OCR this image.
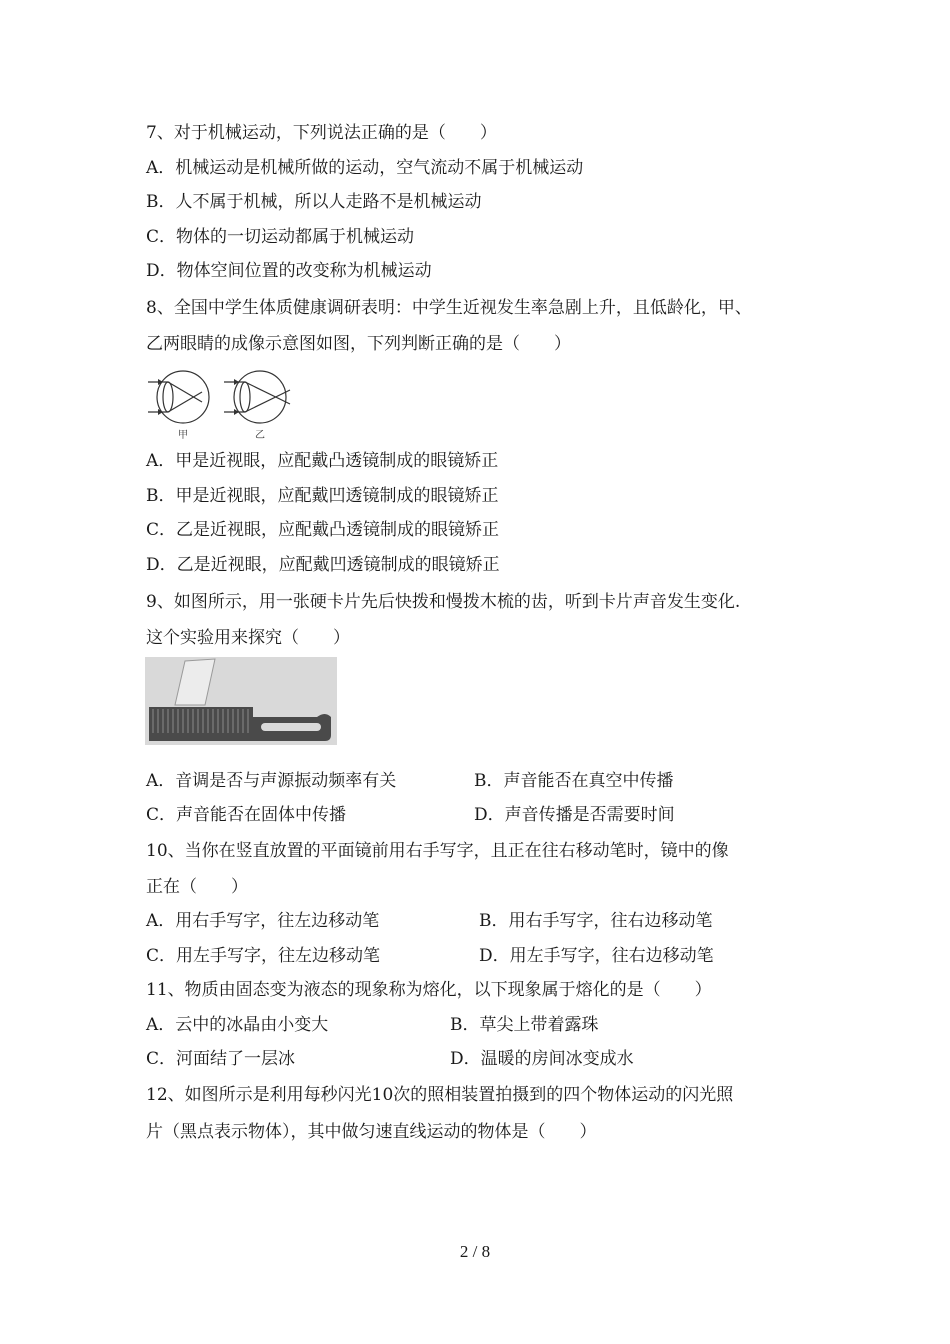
7、对于机械运动，下列说法正确的是（　　）
A．机械运动是机械所做的运动，空气流动不属于机械运动
B．人不属于机械，所以人走路不是机械运动
C．物体的一切运动都属于机械运动
D．物体空间位置的改变称为机械运动
8、全国中学生体质健康调研表明：中学生近视发生率急剧上升，且低龄化，甲、
乙两眼睛的成像示意图如图，下列判断正确的是（　　）
甲	乙
A．甲是近视眼，应配戴凸透镜制成的眼镜矫正
B．甲是近视眼，应配戴凹透镜制成的眼镜矫正
C．乙是近视眼，应配戴凸透镜制成的眼镜矫正
D．乙是近视眼，应配戴凹透镜制成的眼镜矫正
9、如图所示，用一张硬卡片先后快拨和慢拨木梳的齿，听到卡片声音发生变化.
这个实验用来探究（　　）
A．音调是否与声源振动频率有关	B．声音能否在真空中传播
C．声音能否在固体中传播	D．声音传播是否需要时间
10、当你在竖直放置的平面镜前用右手写字，且正在往右移动笔时，镜中的像
正在（　　）
A．用右手写字，往左边移动笔	B．用右手写字，往右边移动笔
C．用左手写字，往左边移动笔	D．用左手写字，往右边移动笔
11、物质由固态变为液态的现象称为熔化，以下现象属于熔化的是（　　）
A．云中的冰晶由小变大	B．草尖上带着露珠
C．河面结了一层冰	D．温暖的房间冰变成水
12、如图所示是利用每秒闪光10次的照相装置拍摄到的四个物体运动的闪光照
片（黑点表示物体），其中做匀速直线运动的物体是（　　）
2 / 8
